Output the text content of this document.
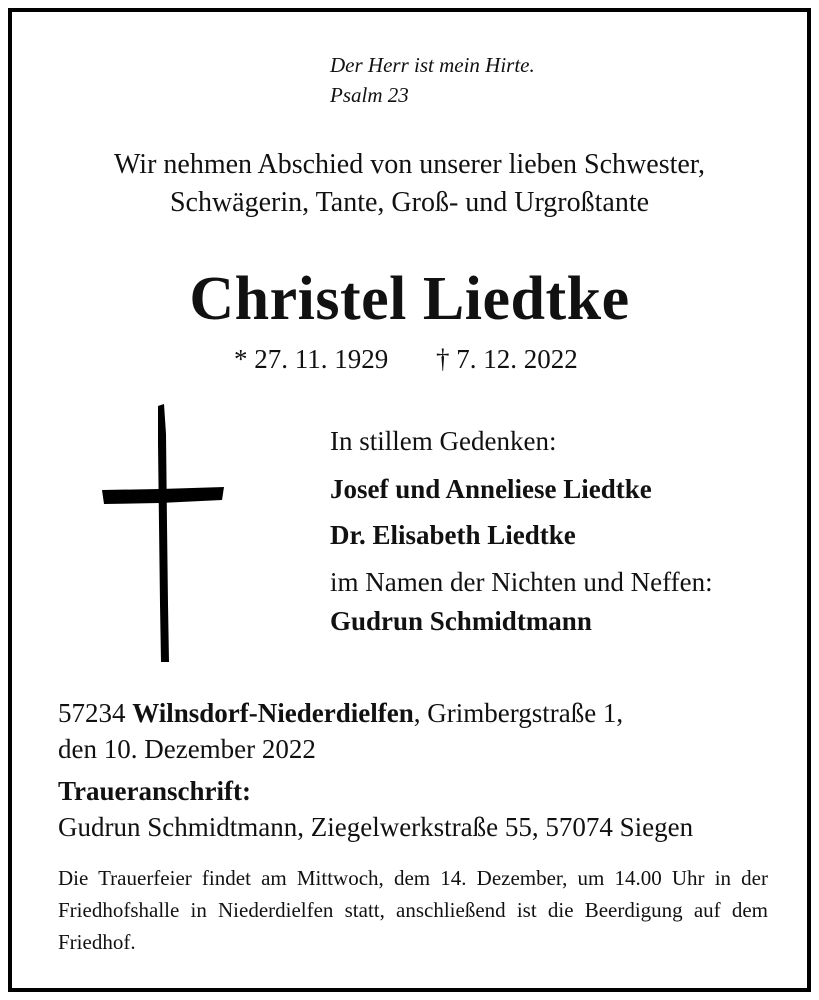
Der Herr ist mein Hirte.
Psalm 23
Wir nehmen Abschied von unserer lieben Schwester,
Schwägerin, Tante, Groß- und Urgroßtante
Christel Liedtke
* 27. 11. 1929 † 7. 12. 2022
In stillem Gedenken:
Josef und Anneliese Liedtke
Dr. Elisabeth Liedtke
im Namen der Nichten und Neffen:
Gudrun Schmidtmann
57234 Wilnsdorf-Niederdielfen, Grimbergstraße 1,
den 10. Dezember 2022
Traueranschrift:
Gudrun Schmidtmann, Ziegelwerkstraße 55, 57074 Siegen
Die Trauerfeier findet am Mittwoch, dem 14. Dezember, um 14.00 Uhr in der Friedhofshalle in Niederdielfen statt, anschließend ist die Beerdigung auf dem Friedhof.
